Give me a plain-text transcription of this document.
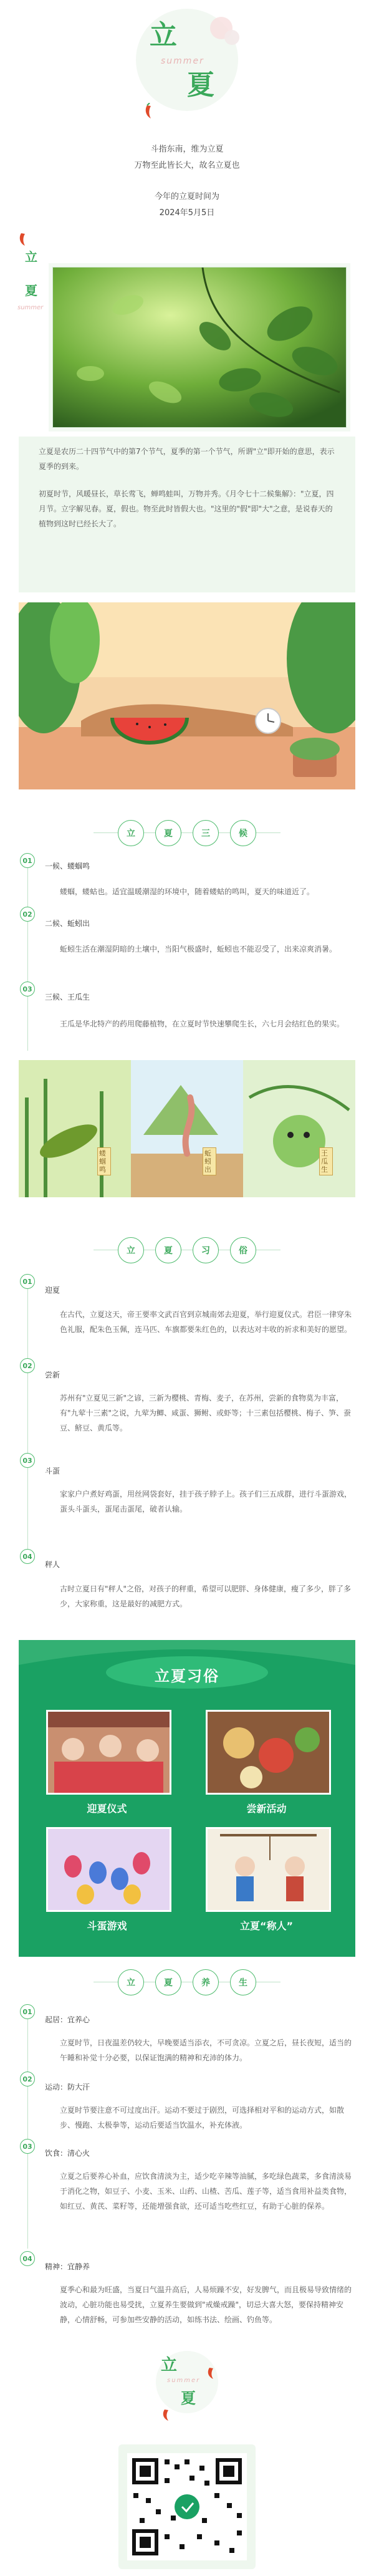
立
summer
夏
斗指东南，维为立夏
万物至此皆长大，故名立夏也
今年的立夏时间为
2024年5月5日
立
夏
summer
立夏是农历二十四节气中的第7个节气，夏季的第一个节气，所谓"立"即开始的意思，表示夏季的到来。
初夏时节，风暖昼长，草长莺飞，蝉鸣蛙叫，万物并秀。《月令七十二候集解》："立夏，四月节。立字解见春。夏，假也。物至此时皆假大也。"这里的"假"即"大"之意，是说春天的植物到这时已经长大了。
立	夏	三	候
01
一候、蝼蝈鸣
蝼蝈，蝼蛄也。适宜温暖潮湿的环境中，随着蝼蛄的鸣叫，夏天的味道近了。
02
二候、蚯蚓出
蚯蚓生活在潮湿阴暗的土壤中，当阳气极盛时，蚯蚓也不能忍受了，出来凉爽消暑。
03
三候、王瓜生
王瓜是华北特产的药用爬藤植物，在立夏时节快速攀爬生长，六七月会结红色的果实。
蝼蝈鸣
蚯蚓出
王瓜生
立	夏	习	俗
01
迎夏
在古代，立夏这天，帝王要率文武百官到京城南郊去迎夏，举行迎夏仪式。君臣一律穿朱色礼服，配朱色玉佩，连马匹、车旗都要朱红色的，以表达对丰收的祈求和美好的愿望。
02
尝新
苏州有"立夏见三新"之谚，三新为樱桃、青梅、麦子，在苏州，尝新的食物莫为丰富，有"九荤十三素"之说，九荤为鲫、咸蛋、狮鲋、或虾等；十三素包括樱桃、梅子、笋、蚕豆、鲚豆、黄瓜等。
03
斗蛋
家家户户煮好鸡蛋，用丝网袋套好，挂于孩子脖子上。孩子们三五成群，进行斗蛋游戏，蛋头斗蛋头，蛋尾击蛋尾，破者认输。
04
秤人
古时立夏日有"秤人"之俗，对孩子的秤重，希望可以肥胖、身体健康，瘦了多少，胖了多少，大家称重，这是最好的减肥方式。
立夏习俗
迎夏仪式	尝新活动
斗蛋游戏	立夏“称人”
立	夏	养	生
01
起居：宜养心
立夏时节，日夜温差仍较大，早晚要适当添衣，不可贪凉。立夏之后，昼长夜短，适当的午睡和补觉十分必要，以保证饱满的精神和充沛的体力。
02
运动：防大汗
立夏时节要注意不可过度出汗。运动不要过于剧烈，可选择相对平和的运动方式，如散步、慢跑、太极拳等，运动后要适当饮温水，补充体液。
03
饮食：清心火
立夏之后要养心补血，应饮食清淡为主，适少吃辛辣等油腻，多吃绿色蔬菜，多食清淡易于消化之物，如豆子、小麦、玉米、山药、山楂、苦瓜、莲子等，适当食用补益类食物，如红豆、黄芪、菜籽等，还能增强食欲，还可适当吃些红豆，有助于心脏的保养。
04
精神：宜静养
夏季心和最为旺盛，当夏日气温升高后，人易烦躁不安，好发脾气，而且极易导致情绪的波动，心脏功能也易受扰，立夏养生要做到"戒燥戒躁"，切忌大喜大怒，要保持精神安静，心情舒畅，可参加些安静的活动，如练书法、绘画、钓鱼等。
立
summer
夏
